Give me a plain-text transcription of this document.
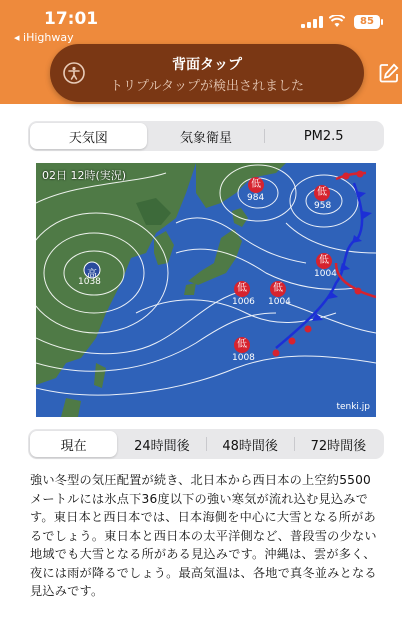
17:01
◂ iHighway
85
背面タップ
トリプルタップが検出されました
天気図	気象衛星	PM2.5
02日 12時(実況)
高
1038
低
984	低
958
低
1006
低
1004
低
1004
低
1008
tenki.jp
現在	24時間後	48時間後	72時間後
強い冬型の気圧配置が続き、北日本から西日本の上空約5500メートルには氷点下36度以下の強い寒気が流れ込む見込みです。東日本と西日本では、日本海側を中心に大雪となる所があるでしょう。東日本と西日本の太平洋側など、普段雪の少ない地域でも大雪となる所がある見込みです。沖縄は、雲が多く、夜には雨が降るでしょう。最高気温は、各地で真冬並みとなる見込みです。
